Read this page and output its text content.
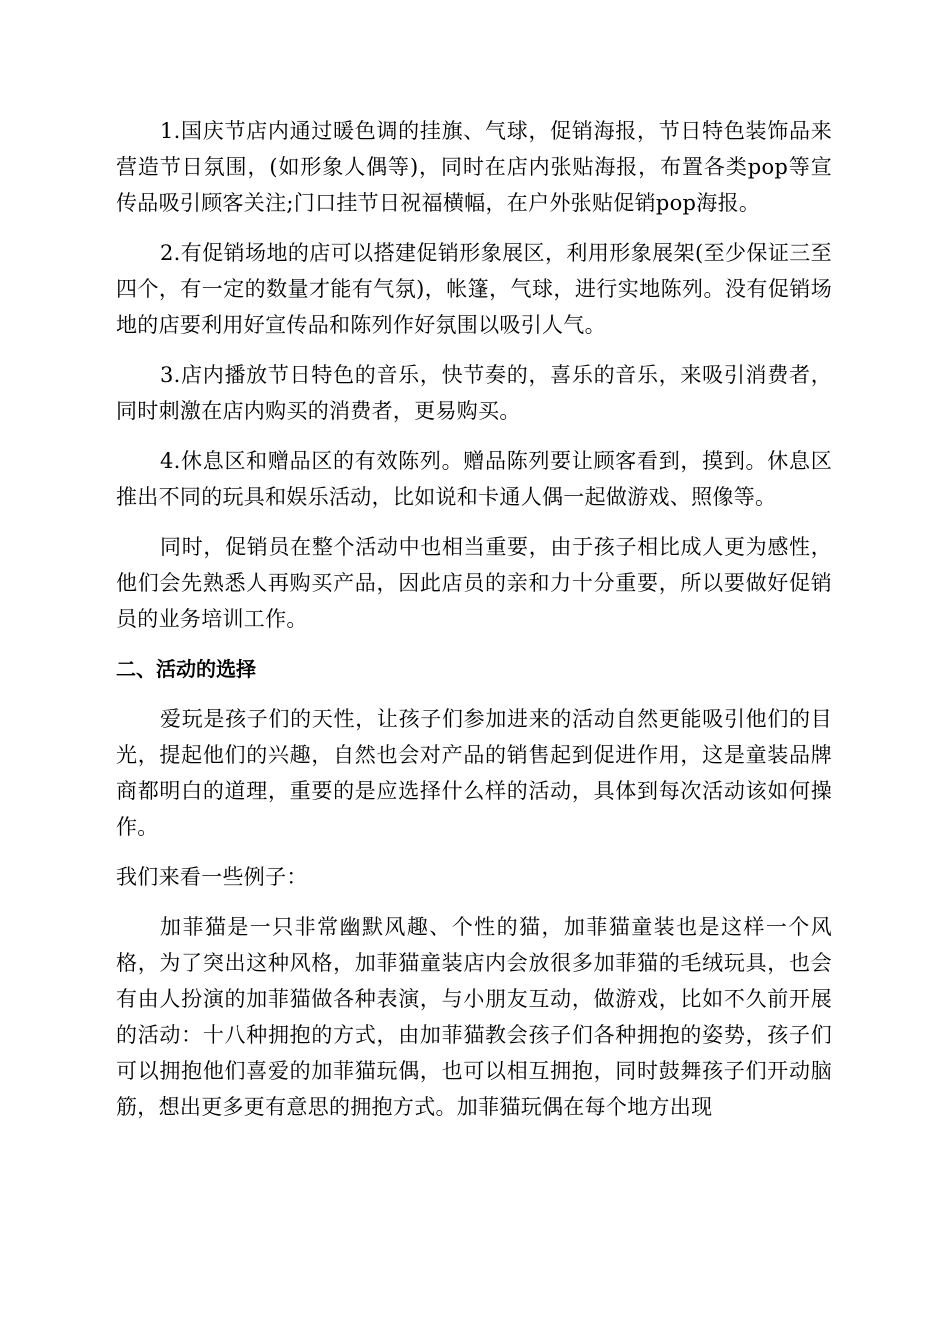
1.国庆节店内通过暖色调的挂旗、气球，促销海报，节日特色装饰品来营造节日氛围，(如形象人偶等)，同时在店内张贴海报，布置各类pop等宣传品吸引顾客关注;门口挂节日祝福横幅，在户外张贴促销pop海报。

2.有促销场地的店可以搭建促销形象展区，利用形象展架(至少保证三至四个，有一定的数量才能有气氛)，帐篷，气球，进行实地陈列。没有促销场地的店要利用好宣传品和陈列作好氛围以吸引人气。

3.店内播放节日特色的音乐，快节奏的，喜乐的音乐，来吸引消费者，同时刺激在店内购买的消费者，更易购买。

4.休息区和赠品区的有效陈列。赠品陈列要让顾客看到，摸到。休息区推出不同的玩具和娱乐活动，比如说和卡通人偶一起做游戏、照像等。

同时，促销员在整个活动中也相当重要，由于孩子相比成人更为感性，他们会先熟悉人再购买产品，因此店员的亲和力十分重要，所以要做好促销员的业务培训工作。

二、活动的选择

爱玩是孩子们的天性，让孩子们参加进来的活动自然更能吸引他们的目光，提起他们的兴趣，自然也会对产品的销售起到促进作用，这是童装品牌商都明白的道理，重要的是应选择什么样的活动，具体到每次活动该如何操作。

我们来看一些例子：

加菲猫是一只非常幽默风趣、个性的猫，加菲猫童装也是这样一个风格，为了突出这种风格，加菲猫童装店内会放很多加菲猫的毛绒玩具，也会有由人扮演的加菲猫做各种表演，与小朋友互动，做游戏，比如不久前开展的活动：十八种拥抱的方式，由加菲猫教会孩子们各种拥抱的姿势，孩子们可以拥抱他们喜爱的加菲猫玩偶，也可以相互拥抱，同时鼓舞孩子们开动脑筋，想出更多更有意思的拥抱方式。加菲猫玩偶在每个地方出现
